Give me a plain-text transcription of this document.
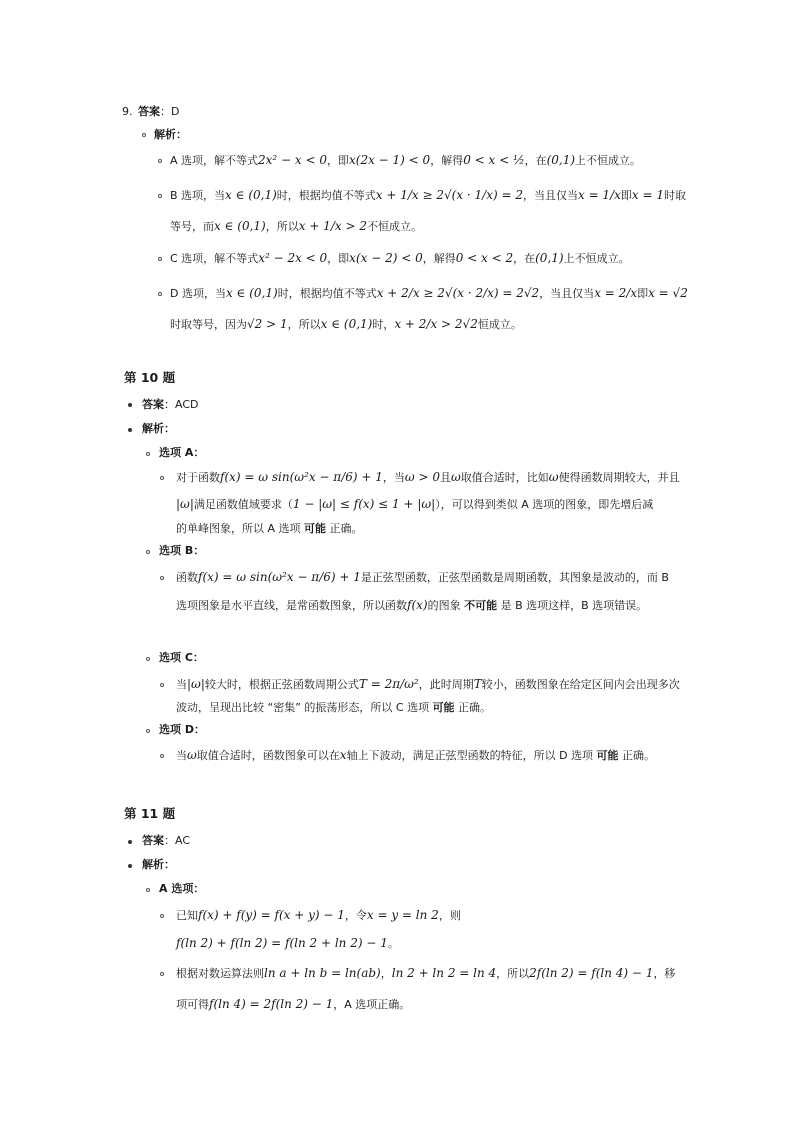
9. 答案：D
解析：
A 选项，解不等式2x² − x < 0，即x(2x − 1) < 0，解得0 < x < ½，在(0,1)上不恒成立。
B 选项，当x ∈ (0,1)时，根据均值不等式x + 1/x ≥ 2√(x · 1/x) = 2，当且仅当x = 1/x即x = 1时取
等号，而x ∈ (0,1)，所以x + 1/x > 2不恒成立。
C 选项，解不等式x² − 2x < 0，即x(x − 2) < 0，解得0 < x < 2，在(0,1)上不恒成立。
D 选项，当x ∈ (0,1)时，根据均值不等式x + 2/x ≥ 2√(x · 2/x) = 2√2，当且仅当x = 2/x即x = √2
时取等号，因为√2 > 1，所以x ∈ (0,1)时，x + 2/x > 2√2恒成立。
第 10 题
答案：ACD
解析：
选项 A：
对于函数f(x) = ω sin(ω²x − π/6) + 1，当ω > 0且ω取值合适时，比如ω使得函数周期较大，并且
|ω|满足函数值域要求（1 − |ω| ≤ f(x) ≤ 1 + |ω|），可以得到类似 A 选项的图象，即先增后减
的单峰图象，所以 A 选项 可能 正确。
选项 B：
函数f(x) = ω sin(ω²x − π/6) + 1是正弦型函数，正弦型函数是周期函数，其图象是波动的，而 B
选项图象是水平直线，是常函数图象，所以函数f(x)的图象 不可能 是 B 选项这样，B 选项错误。
选项 C：
当|ω|较大时，根据正弦函数周期公式T = 2π/ω²，此时周期T较小，函数图象在给定区间内会出现多次
波动，呈现出比较 “密集” 的振荡形态，所以 C 选项 可能 正确。
选项 D：
当ω取值合适时，函数图象可以在x轴上下波动，满足正弦型函数的特征，所以 D 选项 可能 正确。
第 11 题
答案：AC
解析：
A 选项：
已知f(x) + f(y) = f(x + y) − 1，令x = y = ln 2，则
f(ln 2) + f(ln 2) = f(ln 2 + ln 2) − 1。
根据对数运算法则ln a + ln b = ln(ab)，ln 2 + ln 2 = ln 4，所以2f(ln 2) = f(ln 4) − 1，移
项可得f(ln 4) = 2f(ln 2) − 1，A 选项正确。
